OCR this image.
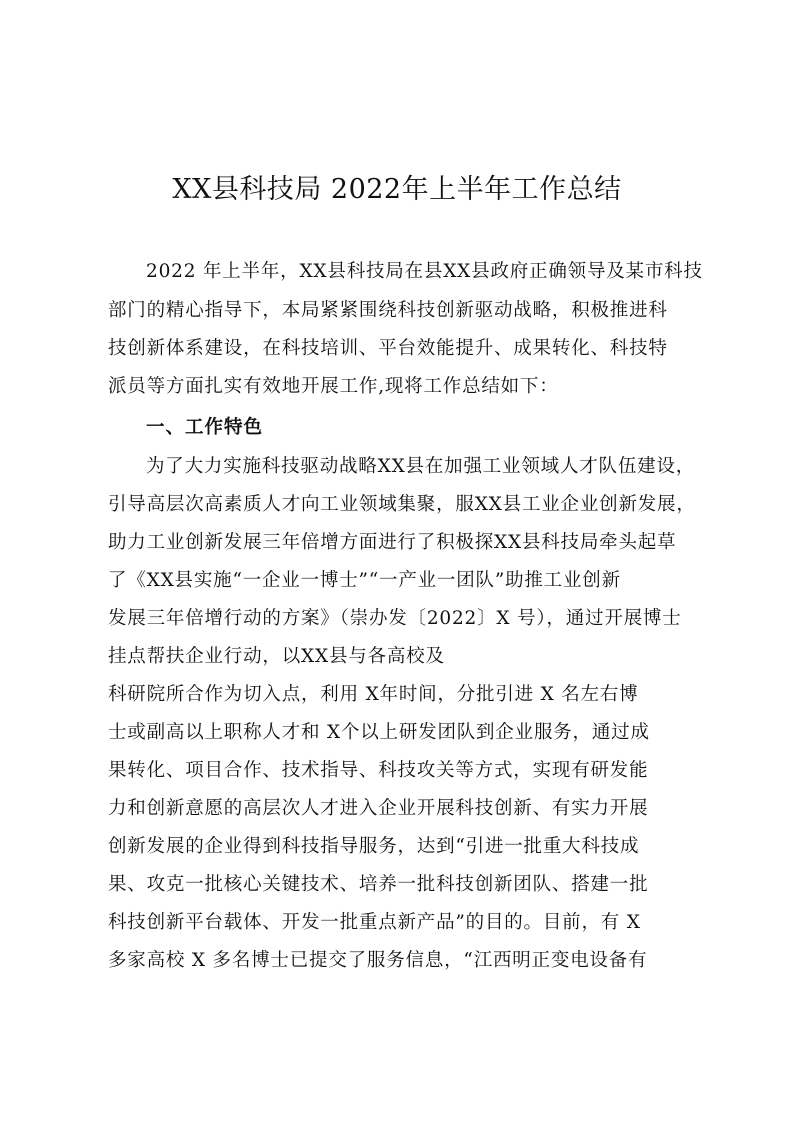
XX县科技局 2022年上半年工作总结
2022 年上半年，XX县科技局在县XX县政府正确领导及某市科技
部门的精心指导下，本局紧紧围绕科技创新驱动战略，积极推进科
技创新体系建设，在科技培训、平台效能提升、成果转化、科技特
派员等方面扎实有效地开展工作,现将工作总结如下：
一、工作特色
为了大力实施科技驱动战略XX县在加强工业领域人才队伍建设，
引导高层次高素质人才向工业领域集聚，服XX县工业企业创新发展，
助力工业创新发展三年倍增方面进行了积极探XX县科技局牵头起草
了《XX县实施“一企业一博士”“一产业一团队”助推工业创新
发展三年倍增行动的方案》（崇办发〔2022〕X 号），通过开展博士
挂点帮扶企业行动，以XX县与各高校及
科研院所合作为切入点，利用 X年时间，分批引进 X 名左右博
士或副高以上职称人才和 X个以上研发团队到企业服务，通过成
果转化、项目合作、技术指导、科技攻关等方式，实现有研发能
力和创新意愿的高层次人才进入企业开展科技创新、有实力开展
创新发展的企业得到科技指导服务，达到“引进一批重大科技成
果、攻克一批核心关键技术、培养一批科技创新团队、搭建一批
科技创新平台载体、开发一批重点新产品”的目的。目前，有 X
多家高校 X 多名博士已提交了服务信息，“江西明正变电设备有
